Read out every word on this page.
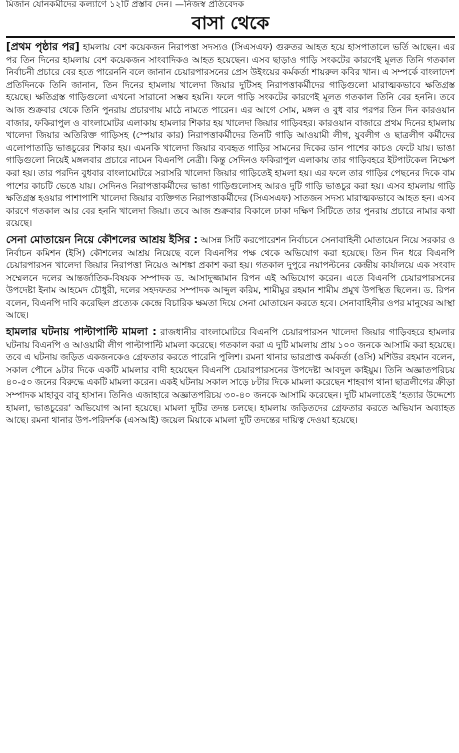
মিজান যোনকমীদের কল্যাণে ১২টি প্রস্তাব দেন। —নিজস্ব প্রতিবেদক
বাসা থেকে

[প্রথম পৃষ্ঠার পর] হামলায় বেশ কয়েকজন নিরাপত্তা সদস্যও (সিএসএফ) গুরুতর আহত হয়ে হাসপাতালে ভর্তি আছেন। এর পর তিন দিনের হামলায় বেশ কয়েকজন সাংবাদিকও আহত হয়েছেন। এসব ছাড়াও গাড়ি সংকটের কারণেই মূলত তিনি গতকাল নির্বাচনী প্রচারে বের হতে পারেননি বলে জানান চেয়ারপারসনের প্রেস উইংয়ের কর্মকর্তা শায়রুল কবির খান। এ সম্পর্কে বাংলাদেশ প্রতিদিনকে তিনি জানান, তিন দিনের হামলায় খালেদা জিয়ার দুটিসহ নিরাপত্তাকর্মীদের গাড়িগুলো মারাত্মকভাবে ক্ষতিগ্রস্ত হয়েছে। ক্ষতিগ্রস্ত গাড়িগুলো এখনো সারানো সম্ভব হয়নি। ফলে গাড়ি সংকটের কারণেই মূলত গতকাল তিনি বের হননি। তবে আজ শুক্রবার থেকে তিনি পুনরায় প্রচারণায় মাঠে নামতে পারেন। এর আগে সোম, মঙ্গল ও বুধ বার পরপর তিন দিন কারওয়ান বাজার, ফকিরাপুল ও বাংলামোটর এলাকায় হামলার শিকার হয় খালেদা জিয়ার গাড়িবহর। কারওয়ান বাজারে প্রথম দিনের হামলায় খালেদা জিয়ার অতিরিক্ত গাড়িসহ (স্পেয়ার কার) নিরাপত্তাকর্মীদের তিনটি গাড়ি আওয়ামী লীগ, যুবলীগ ও ছাত্রলীগ কর্মীদের এলোপাতাড়ি ভাঙচুরের শিকার হয়। এমনকি খালেদা জিয়ার ব্যবহৃত গাড়ির সামনের দিকের ডান পাশের কাচও ফেটে যায়। ভাঙা গাড়িগুলো নিয়েই মঙ্গলবার প্রচারে নামেন বিএনপি নেত্রী। কিন্তু সেদিনও ফকিরাপুল এলাকায় তার গাড়িবহরে ইটপাটকেল নিক্ষেপ করা হয়। তার পরদিন বুধবার বাংলামোটরে সরাসরি খালেদা জিয়ার গাড়িতেই হামলা হয়। এর ফলে তার গাড়ির পেছনের দিকে বাম পাশের কাচটি ভেঙে যায়। সেদিনও নিরাপত্তাকর্মীদের ভাঙা গাড়িগুলোসহ আরও দুটি গাড়ি ভাঙচুর করা হয়। এসব হামলায় গাড়ি ক্ষতিগ্রস্ত হওয়ার পাশাপাশি খালেদা জিয়ার ব্যক্তিগত নিরাপত্তাকর্মীদের (সিএসএফ) সাতজন সদস্য মারাত্মকভাবে আহত হন। এসব কারণে গতকাল আর বের হননি খালেদা জিয়া। তবে আজ শুক্রবার বিকালে ঢাকা দক্ষিণ সিটিতে তার পুনরায় প্রচারে নামার কথা রয়েছে।

সেনা মোতায়েন নিয়ে কৌশলের আশ্রয় ইসির : আসন্ন সিটি করপোরেশন নির্বাচনে সেনাবাহিনী মোতায়েন নিয়ে সরকার ও নির্বাচন কমিশন (ইসি) কৌশলের আশ্রয় নিয়েছে বলে বিএনপির পক্ষ থেকে অভিযোগ করা হয়েছে। তিন দিন ধরে বিএনপি চেয়ারপারসন খালেদা জিয়ার নিরাপত্তা নিয়েও আশঙ্কা প্রকাশ করা হয়। গতকাল দুপুরে নয়াপল্টনের কেন্দ্রীয় কার্যালয়ে এক সংবাদ সম্মেলনে দলের আন্তর্জাতিক-বিষয়ক সম্পাদক ড. আসাদুজ্জামান রিপন এই অভিযোগ করেন। এতে বিএনপি চেয়ারপারসনের উপদেষ্টা ইনাম আহমেদ চৌধুরী, দলের সহদফতর সম্পাদক আব্দুল করিম, শামীমুর রহমান শামীম প্রমুখ উপস্থিত ছিলেন। ড. রিপন বলেন, বিএনপি দাবি করেছিল প্রত্যেক কেন্দ্রে বিচারিক ক্ষমতা দিয়ে সেনা মোতায়েন করতে হবে। সেনাবাহিনীর ওপর মানুষের আস্থা আছে।

হামলার ঘটনায় পাল্টাপাল্টি মামলা : রাজধানীর বাংলামোটরে বিএনপি চেয়ারপারসন খালেদা জিয়ার গাড়িবহরে হামলার ঘটনায় বিএনপি ও আওয়ামী লীগ পাল্টাপাল্টি মামলা করেছে। গতকাল করা এ দুটি মামলায় প্রায় ১০০ জনকে আসামি করা হয়েছে। তবে এ ঘটনায় জড়িত একজনকেও গ্রেফতার করতে পারেনি পুলিশ। রমনা থানার ভারপ্রাপ্ত কর্মকর্তা (ওসি) মশিউর রহমান বলেন, সকাল পৌনে ৯টার দিকে একটি মামলার বাদী হয়েছেন বিএনপি চেয়ারপারসনের উপদেষ্টা আবদুল কাইয়ুম। তিনি অজ্ঞাতপরিচয় ৪০-৫০ জনের বিরুদ্ধে একটি মামলা করেন। একই ঘটনায় সকাল সাড়ে ৮টার দিকে মামলা করেছেন শাহবাগ থানা ছাত্রলীগের ক্রীড়া সম্পাদক মাহাবুব বাবু হাসান। তিনিও এজাহারে অজ্ঞাতপরিচয় ৩০-৪০ জনকে আসামি করেছেন। দুটি মামলাতেই ‘হত্যার উদ্দেশ্যে হামলা, ভাঙচুরের’ অভিযোগ আনা হয়েছে। মামলা দুটির তদন্ত চলছে। হামলায় জড়িতদের গ্রেফতার করতে অভিযান অব্যাহত আছে। রমনা থানার উপ-পরিদর্শক (এসআই) জয়েল মিয়াকে মামলা দুটি তদন্তের দায়িত্ব দেওয়া হয়েছে।
